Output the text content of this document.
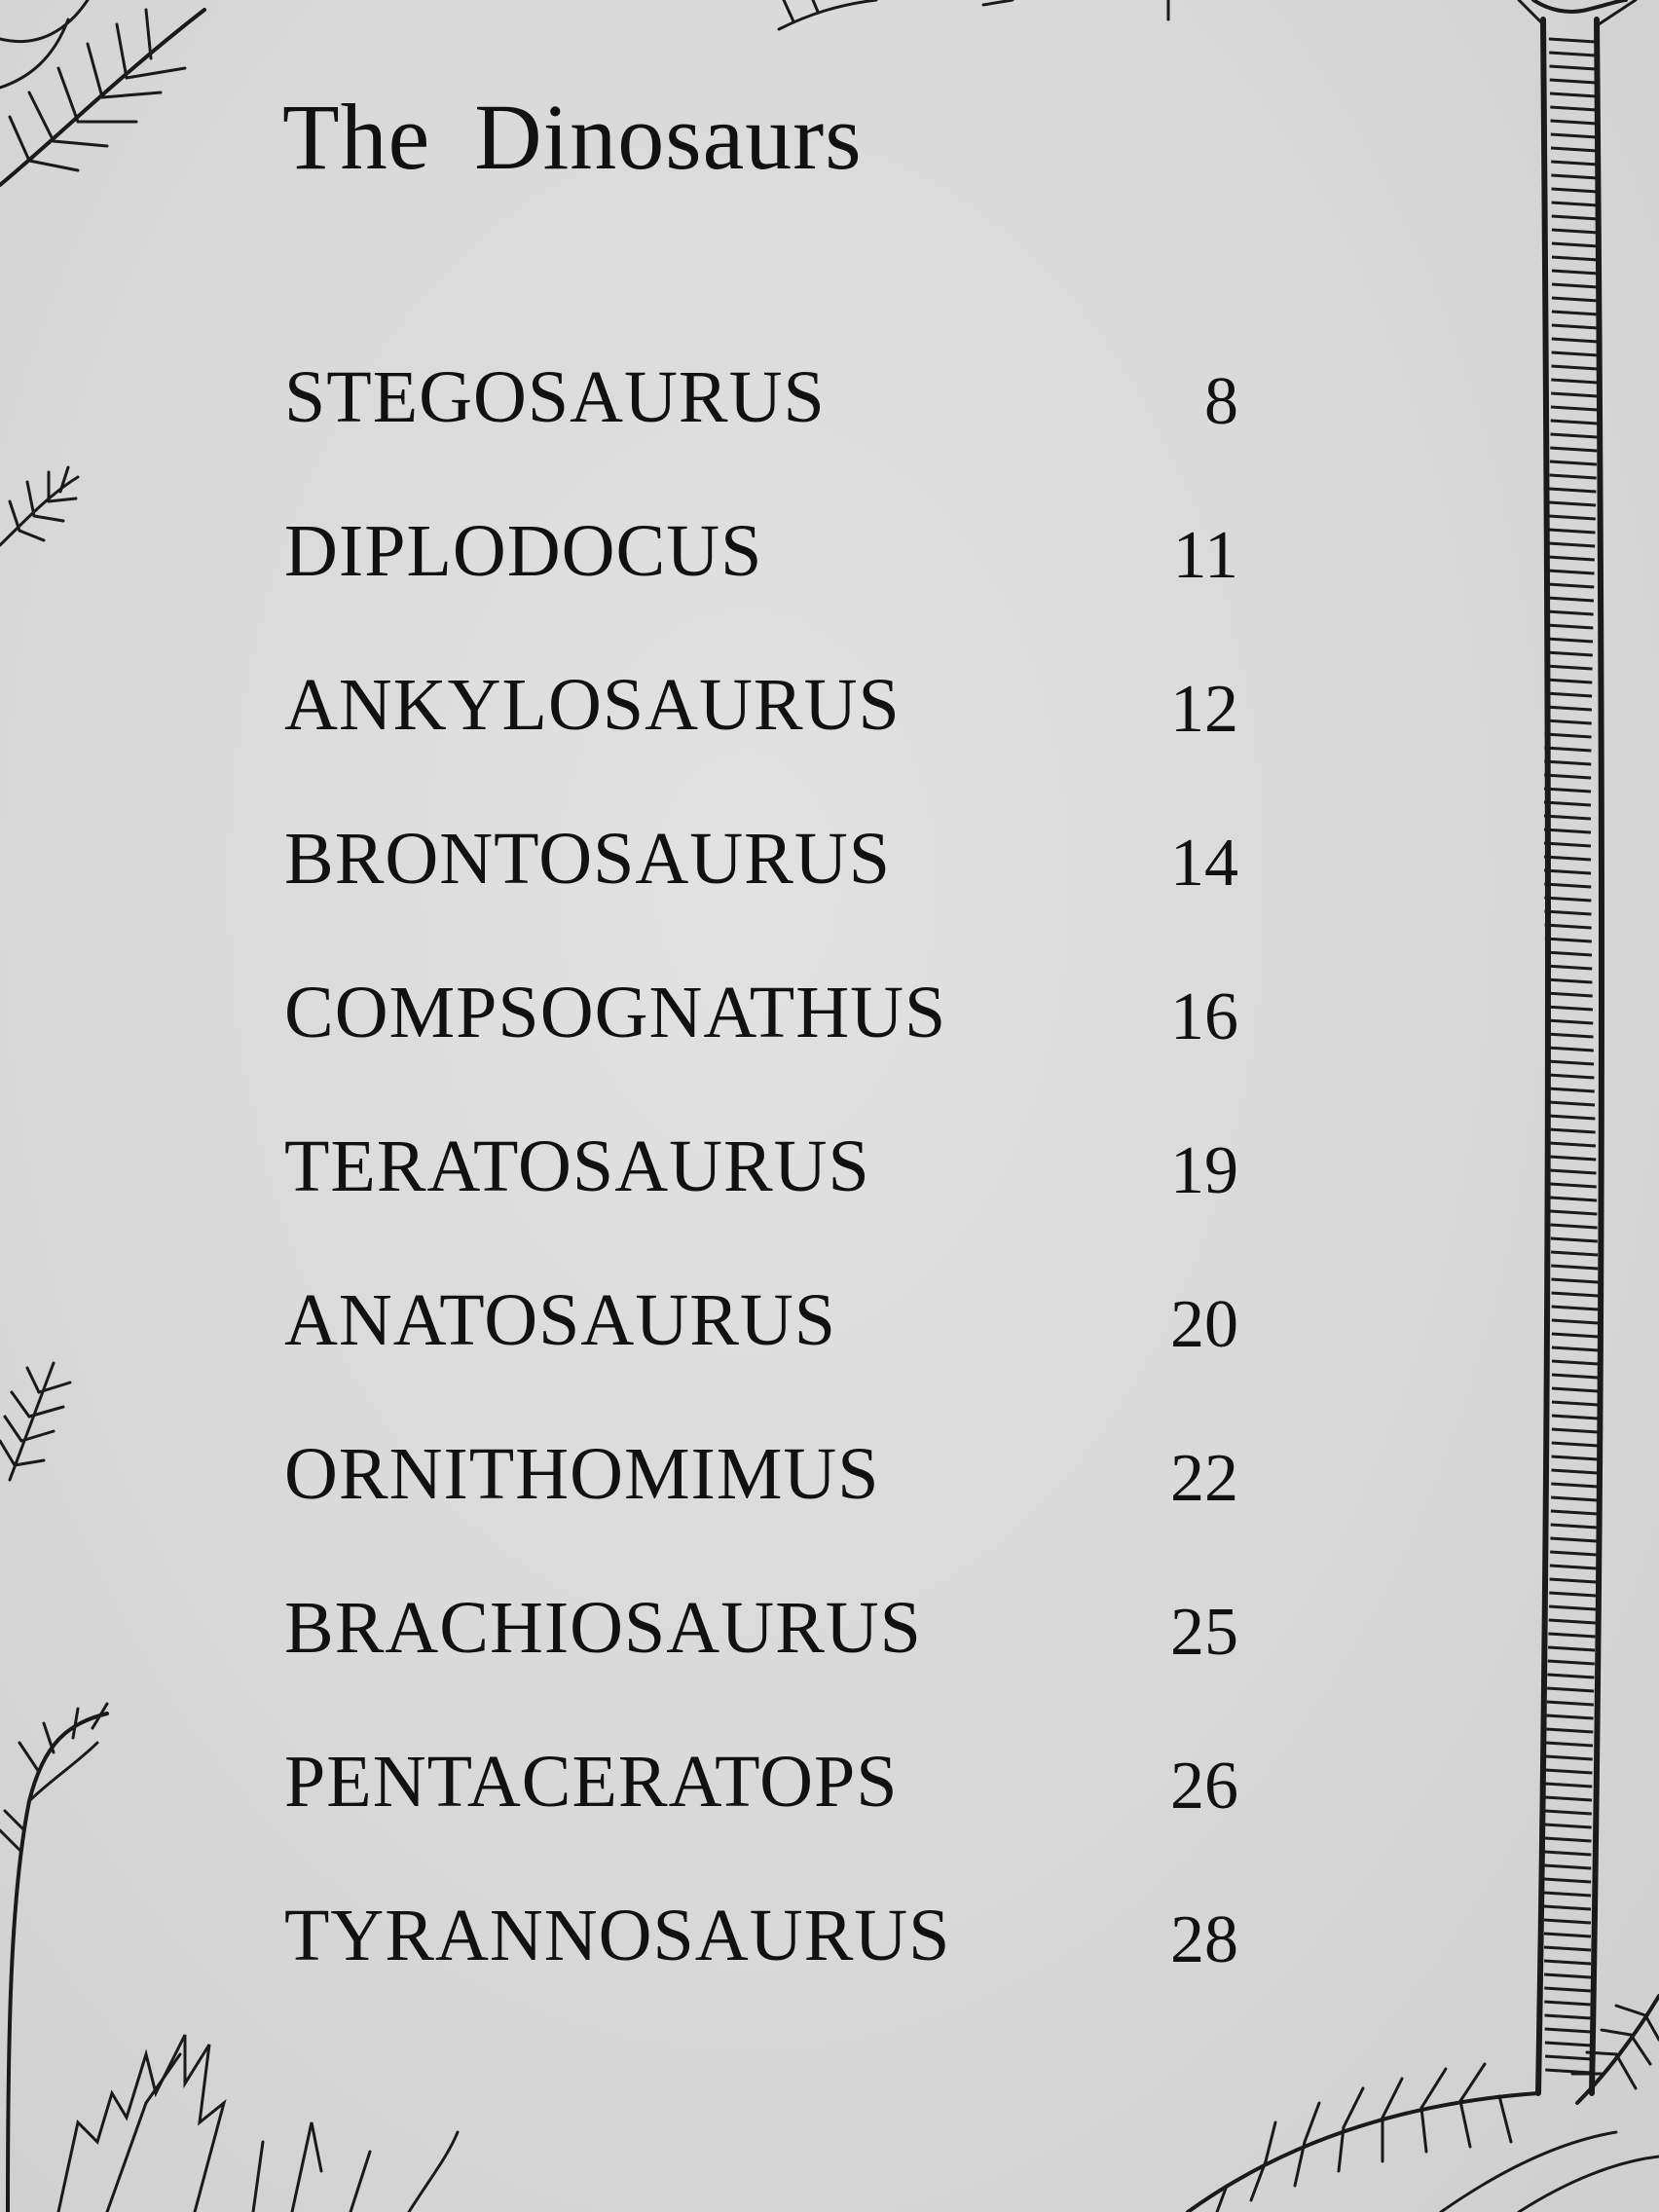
The Dinosaurs
STEGOSAURUS	8
DIPLODOCUS	11
ANKYLOSAURUS	12
BRONTOSAURUS	14
COMPSOGNATHUS	16
TERATOSAURUS	19
ANATOSAURUS	20
ORNITHOMIMUS	22
BRACHIOSAURUS	25
PENTACERATOPS	26
TYRANNOSAURUS	28
